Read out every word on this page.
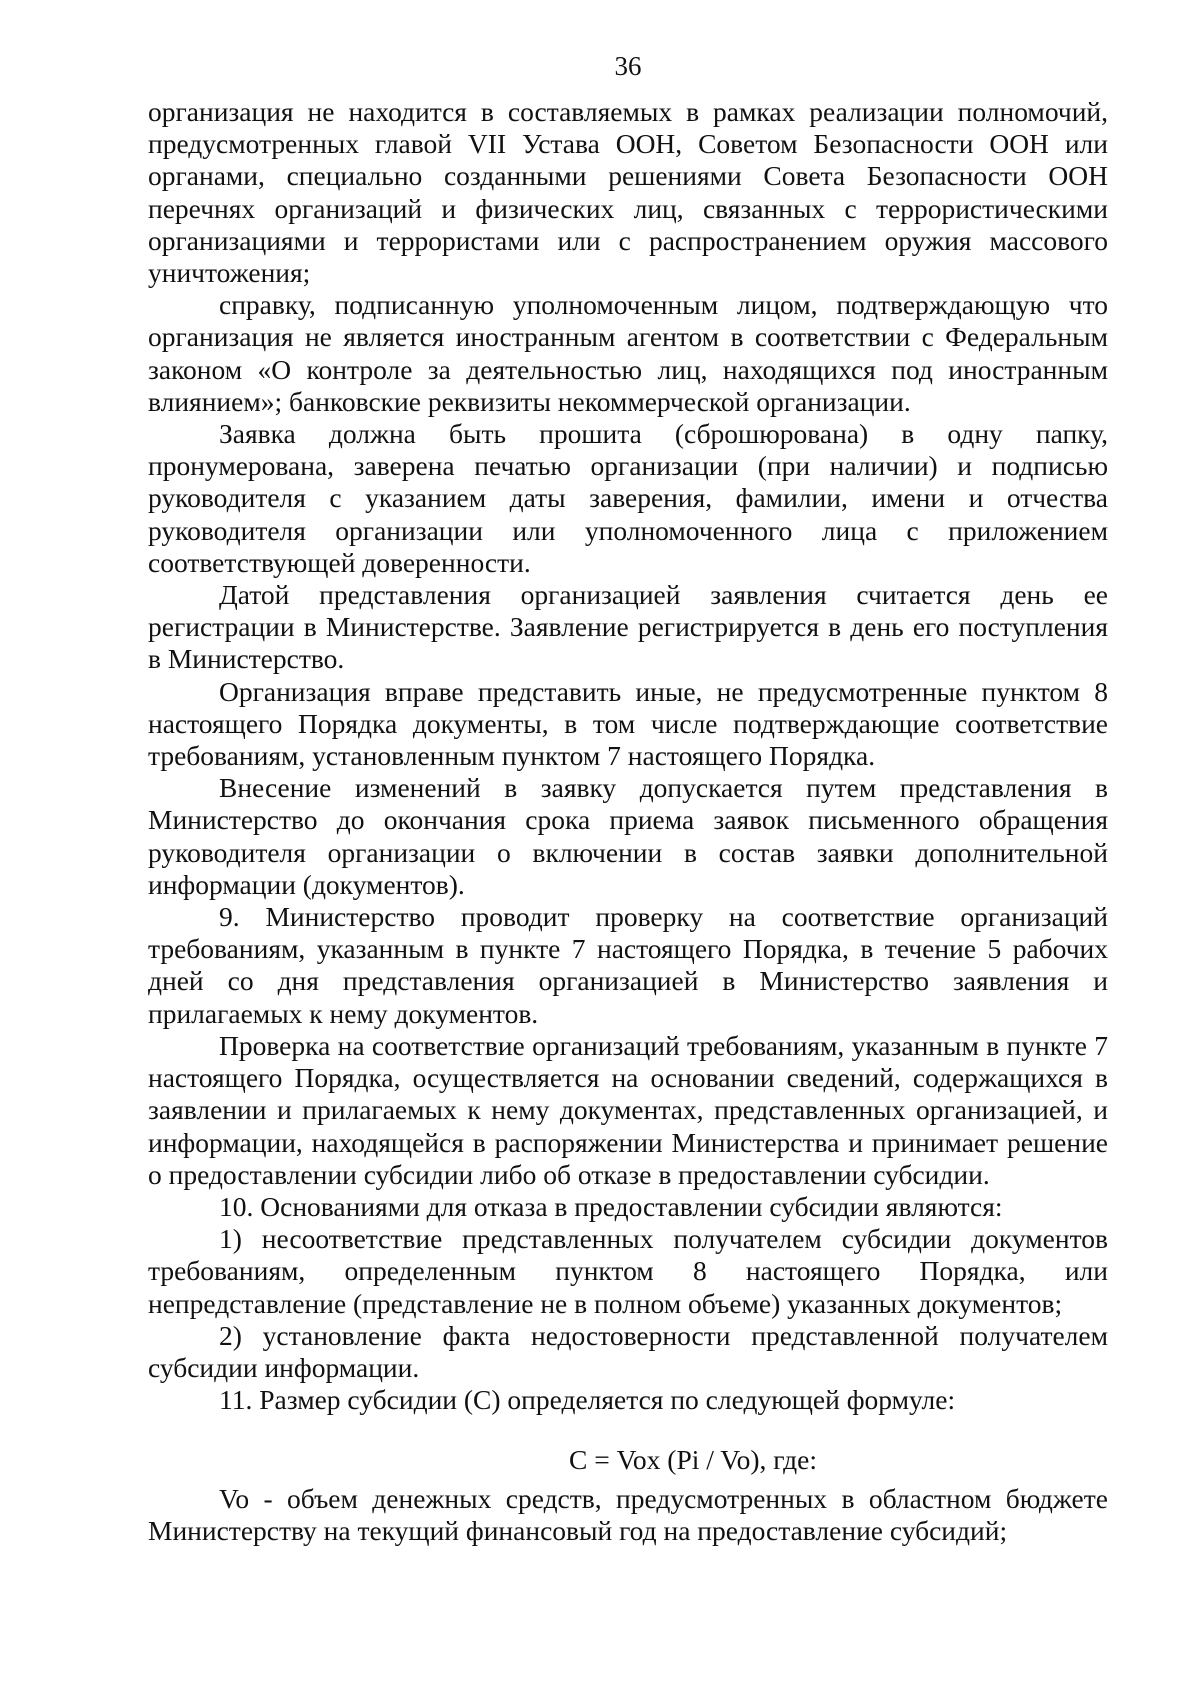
36

организация не находится в составляемых в рамках реализации полномочий, предусмотренных главой VII Устава ООН, Советом Безопасности ООН или органами, специально созданными решениями Совета Безопасности ООН перечнях организаций и физических лиц, связанных с террористическими организациями и террористами или с распространением оружия массового уничтожения;

справку, подписанную уполномоченным лицом, подтверждающую что организация не является иностранным агентом в соответствии с Федеральным законом «О контроле за деятельностью лиц, находящихся под иностранным влиянием»; банковские реквизиты некоммерческой организации.

Заявка должна быть прошита (сброшюрована) в одну папку, пронумерована, заверена печатью организации (при наличии) и подписью руководителя с указанием даты заверения, фамилии, имени и отчества руководителя организации или уполномоченного лица с приложением соответствующей доверенности.

Датой представления организацией заявления считается день ее регистрации в Министерстве. Заявление регистрируется в день его поступления в Министерство.

Организация вправе представить иные, не предусмотренные пунктом 8 настоящего Порядка документы, в том числе подтверждающие соответствие требованиям, установленным пунктом 7 настоящего Порядка.

Внесение изменений в заявку допускается путем представления в Министерство до окончания срока приема заявок письменного обращения руководителя организации о включении в состав заявки дополнительной информации (документов).

9. Министерство проводит проверку на соответствие организаций требованиям, указанным в пункте 7 настоящего Порядка, в течение 5 рабочих дней со дня представления организацией в Министерство заявления и прилагаемых к нему документов.

Проверка на соответствие организаций требованиям, указанным в пункте 7 настоящего Порядка, осуществляется на основании сведений, содержащихся в заявлении и прилагаемых к нему документах, представленных организацией, и информации, находящейся в распоряжении Министерства и принимает решение о предоставлении субсидии либо об отказе в предоставлении субсидии.

10. Основаниями для отказа в предоставлении субсидии являются:

1) несоответствие представленных получателем субсидии документов требованиям, определенным пунктом 8 настоящего Порядка, или непредставление (представление не в полном объеме) указанных документов;

2) установление факта недостоверности представленной получателем субсидии информации.

11. Размер субсидии (С) определяется по следующей формуле:

С = Vox (Pi / Vo), где:

Vo - объем денежных средств, предусмотренных в областном бюджете Министерству на текущий финансовый год на предоставление субсидий;
